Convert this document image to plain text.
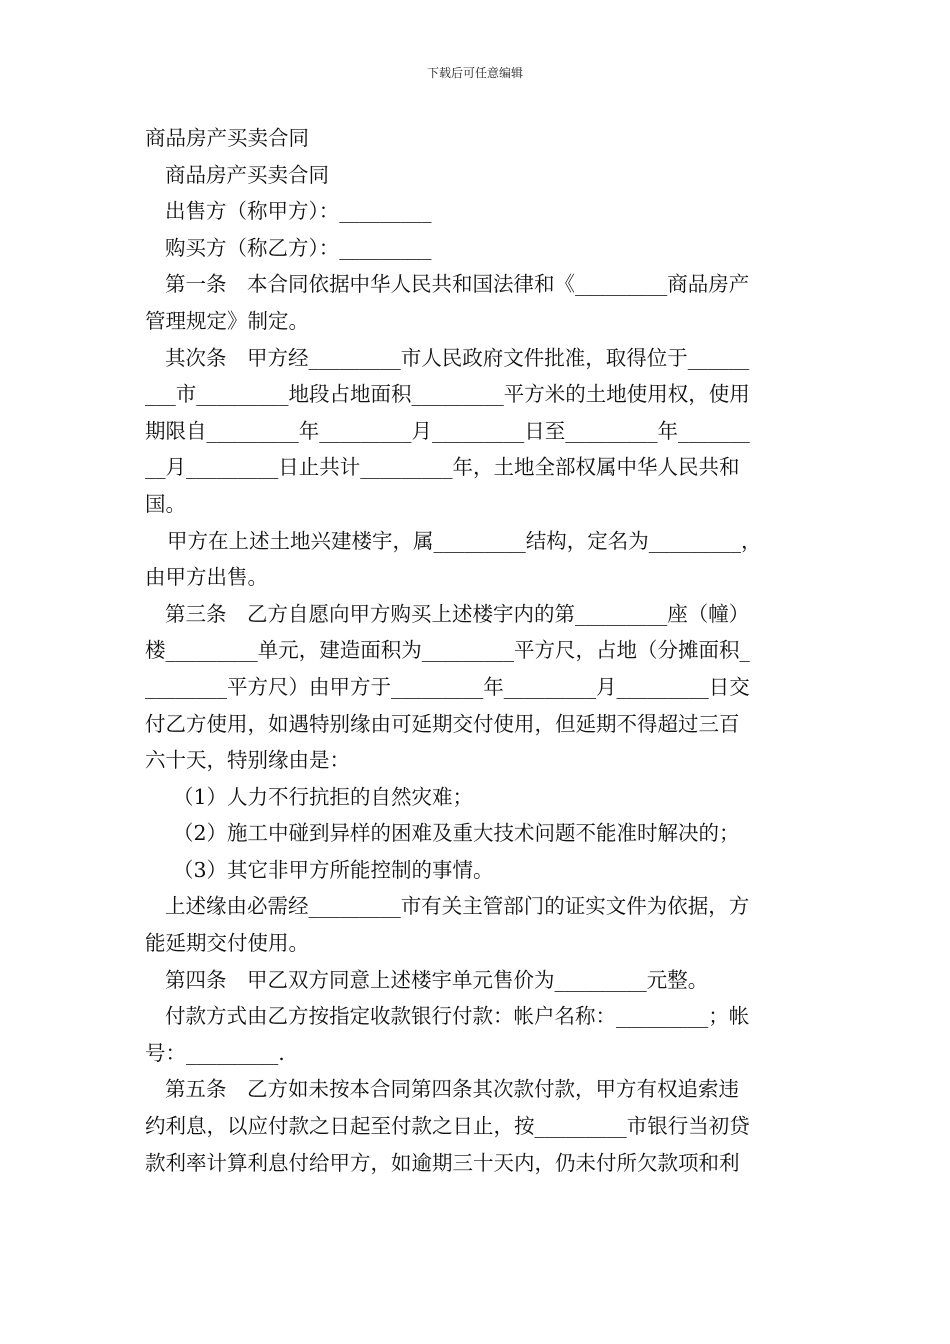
下载后可任意编辑
商品房产买卖合同
商品房产买卖合同
出售方（称甲方）：_________
购买方（称乙方）：_________
第一条　本合同依据中华人民共和国法律和《_________商品房产
管理规定》制定。
其次条　甲方经_________市人民政府文件批准，取得位于______
___市_________地段占地面积_________平方米的土地使用权，使用
期限自_________年_________月_________日至_________年_______
__月_________日止共计_________年，土地全部权属中华人民共和
国。
甲方在上述土地兴建楼宇，属_________结构，定名为_________，
由甲方出售。
第三条　乙方自愿向甲方购买上述楼宇内的第_________座（幢）
楼_________单元，建造面积为_________平方尺，占地（分摊面积_
________平方尺）由甲方于_________年_________月_________日交
付乙方使用，如遇特别缘由可延期交付使用，但延期不得超过三百
六十天，特别缘由是：
（1）人力不行抗拒的自然灾难；
（2）施工中碰到异样的困难及重大技术问题不能准时解决的；
（3）其它非甲方所能控制的事情。
上述缘由必需经_________市有关主管部门的证实文件为依据，方
能延期交付使用。
第四条　甲乙双方同意上述楼宇单元售价为_________元整。
付款方式由乙方按指定收款银行付款：帐户名称：_________；帐
号：_________.
第五条　乙方如未按本合同第四条其次款付款，甲方有权追索违
约利息，以应付款之日起至付款之日止，按_________市银行当初贷
款利率计算利息付给甲方，如逾期三十天内，仍未付所欠款项和利
